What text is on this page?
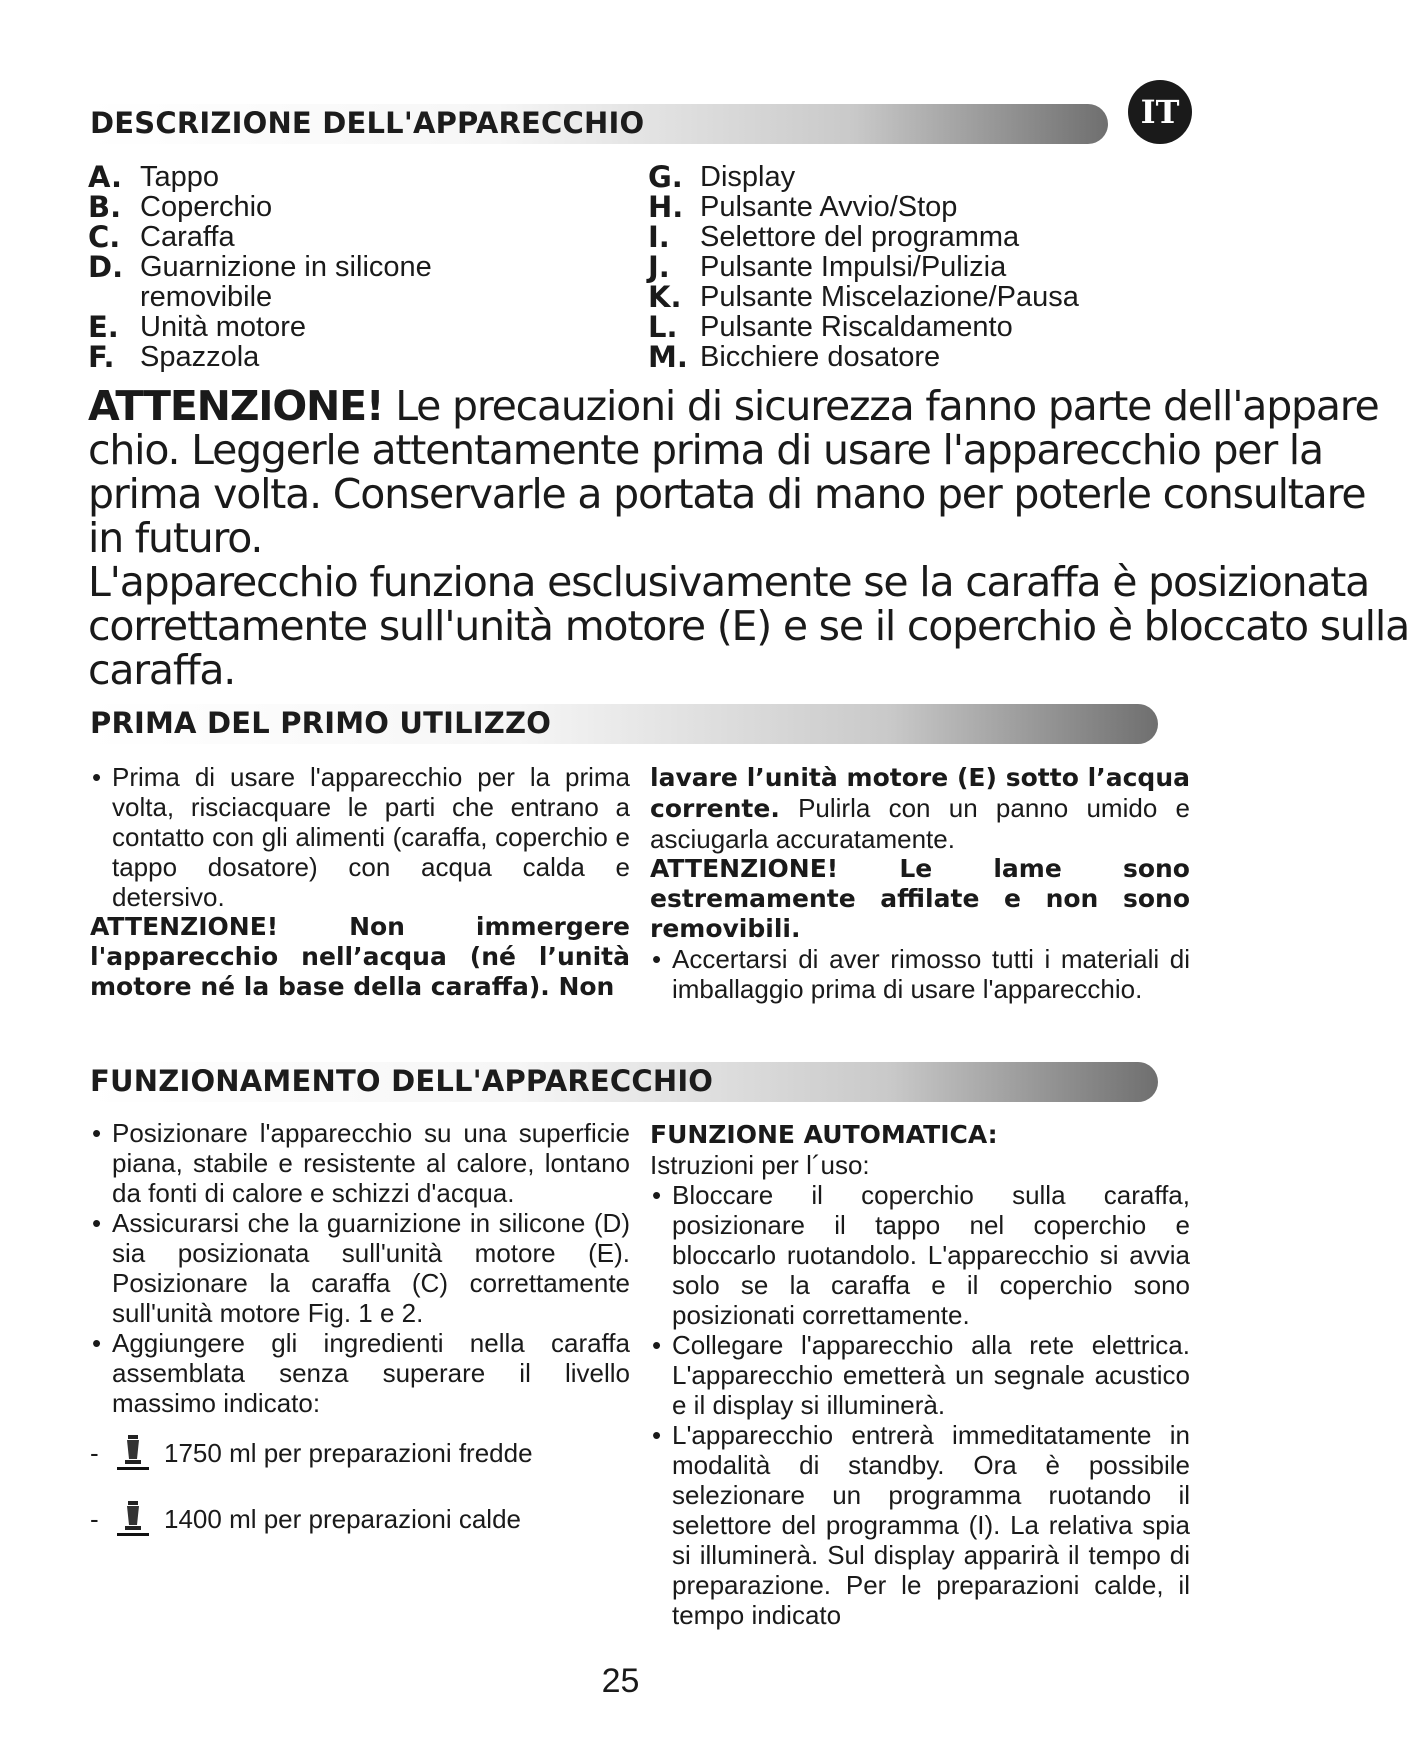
IT
DESCRIZIONE DELL'APPARECCHIO
A. Tappo
B. Coperchio
C. Caraffa
D. Guarnizione in silicone removibile
E. Unità motore
F. Spazzola
G. Display
H. Pulsante Avvio/Stop
I.	Selettore del programma
J.	Pulsante Impulsi/Pulizia
K. Pulsante Miscelazione/Pausa
L. Pulsante Riscaldamento
M. Bicchiere dosatore
ATTENZIONE! Le precauzioni di sicurezza fanno parte dell'appare
chio. Leggerle attentamente prima di usare l'apparecchio per la
prima volta. Conservarle a portata di mano per poterle consultare
in futuro.
L'apparecchio funziona esclusivamente se la caraffa è posizionata
correttamente sull'unità motore (E) e se il coperchio è bloccato sulla
caraffa.
PRIMA DEL PRIMO UTILIZZO
• Prima di usare l'apparecchio per la prima volta, risciacquare le parti che entrano a contatto con gli alimenti (caraffa, coperchio e tappo dosatore) con acqua calda e detersivo.
ATTENZIONE! Non immergere l'apparecchio nell’acqua (né l’unità motore né la base della caraffa). Non
lavare l’unità motore (E) sotto l’acqua corrente. Pulirla con un panno umido e asciugarla accuratamente.
ATTENZIONE! Le lame sono estremamente affilate e non sono removibili.
• Accertarsi di aver rimosso tutti i materiali di imballaggio prima di usare l'apparecchio.
FUNZIONAMENTO DELL'APPARECCHIO
• Posizionare l'apparecchio su una superficie piana, stabile e resistente al calore, lontano da fonti di calore e schizzi d'acqua.
• Assicurarsi che la guarnizione in silicone (D) sia posizionata sull'unità motore (E). Posizionare la caraffa (C) correttamente sull'unità motore Fig. 1 e 2.
• Aggiungere gli ingredienti nella caraffa assemblata senza superare il livello massimo indicato:
-	1750 ml per preparazioni fredde
-	1400 ml per preparazioni calde
FUNZIONE AUTOMATICA:
Istruzioni per l´uso:
• Bloccare il coperchio sulla caraffa, posizionare il tappo nel coperchio e bloccarlo ruotandolo. L'apparecchio si avvia solo se la caraffa e il coperchio sono posizionati correttamente.
• Collegare l'apparecchio alla rete elettrica. L'apparecchio emetterà un segnale acustico e il display si illuminerà.
• L'apparecchio entrerà immeditatamente in modalità di standby. Ora è possibile selezionare un programma ruotando il selettore del programma (I). La relativa spia si illuminerà. Sul display apparirà il tempo di preparazione. Per le preparazioni calde, il tempo indicato
25
